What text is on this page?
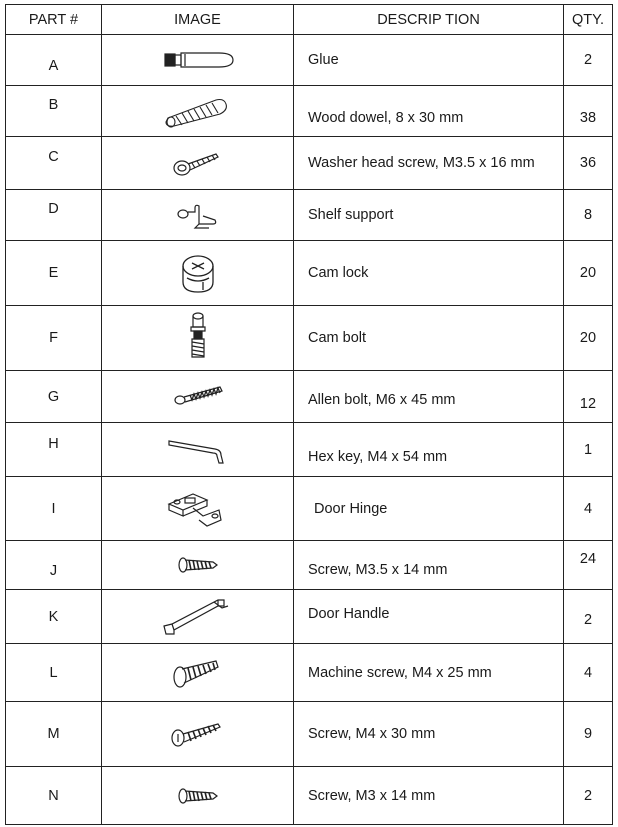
PART #	IMAGE	DESCRIP TION	QTY.
A		Glue	2
B		Wood dowel, 8 x 30 mm	38
C		Washer head screw, M3.5 x 16 mm	36
D		Shelf support	8
E		Cam lock	20
F		Cam bolt	20
G		Allen bolt, M6 x 45 mm	12
H		Hex key, M4 x 54 mm	1
I		Door Hinge	4
J		Screw, M3.5 x 14 mm	24
K		Door Handle	2
L		Machine screw, M4 x 25 mm	4
M		Screw, M4 x 30 mm	9
N		Screw, M3 x 14 mm	2
